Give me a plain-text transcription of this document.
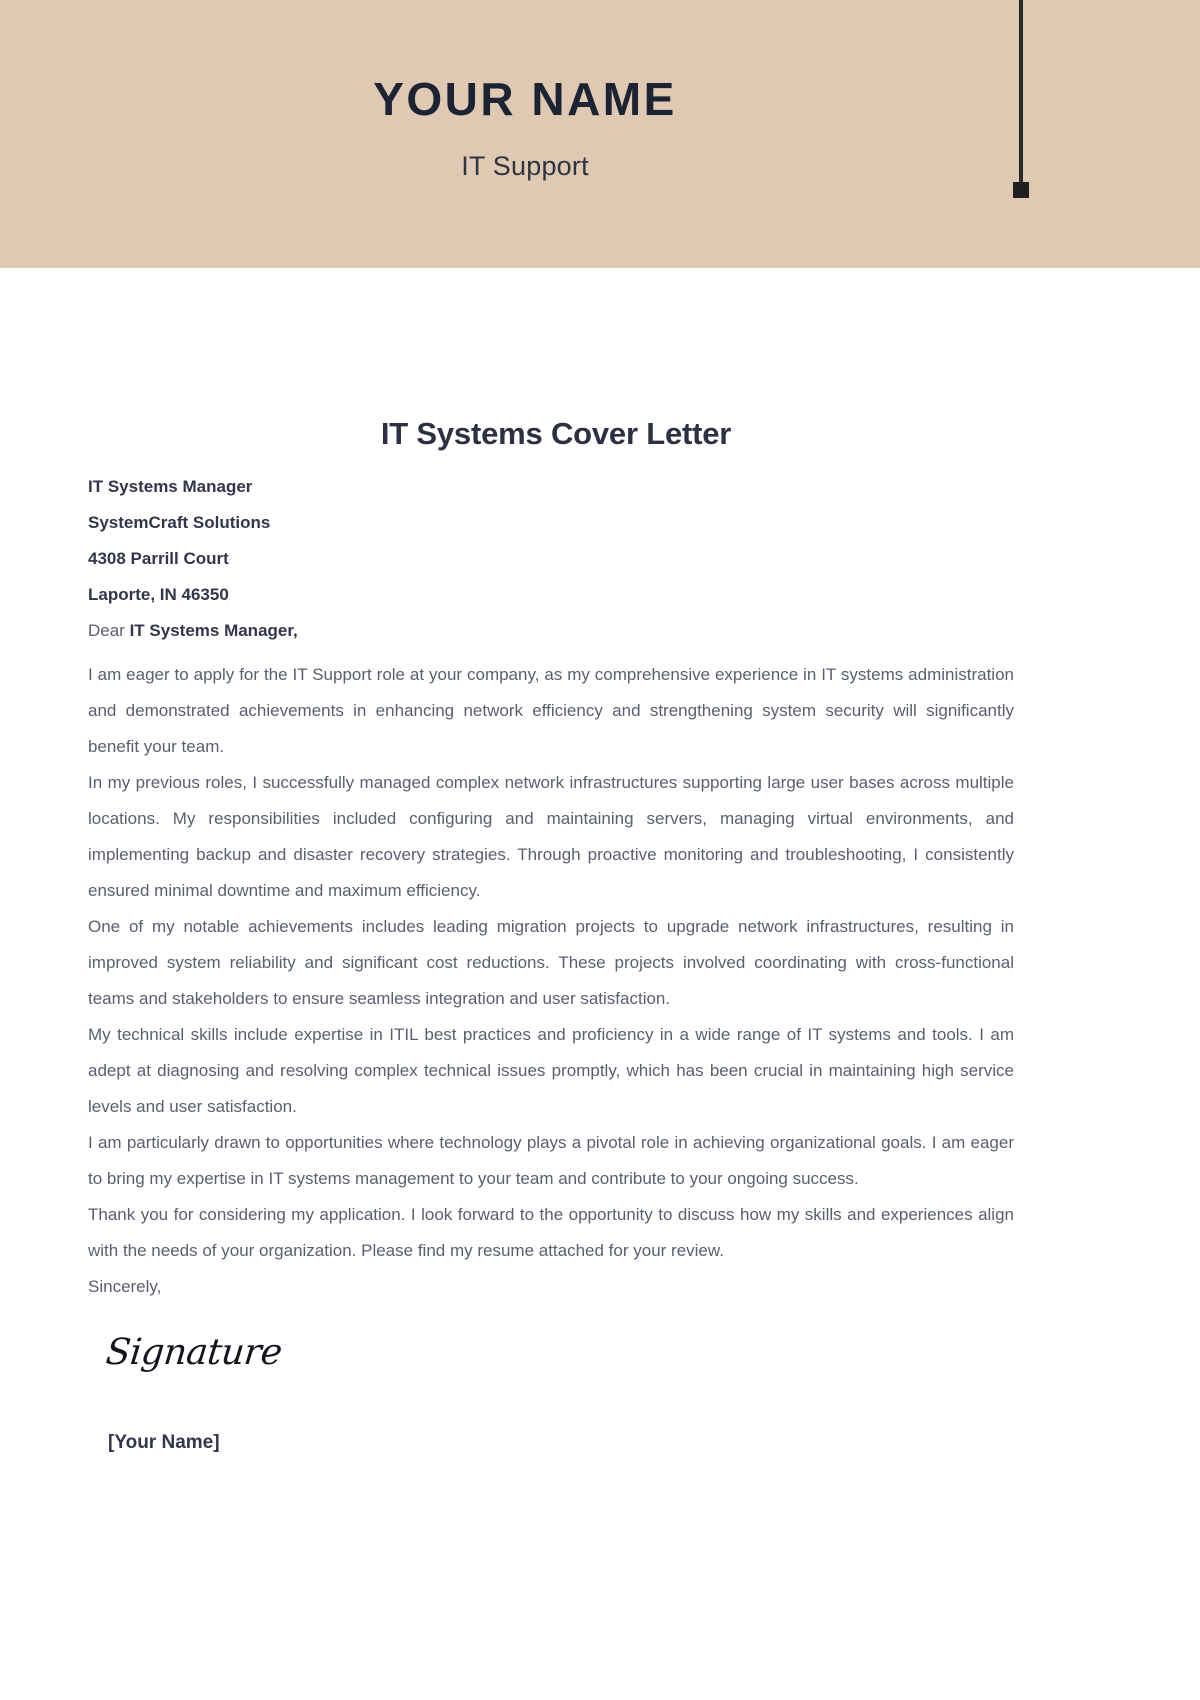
YOUR NAME
IT Support
IT Systems Cover Letter
IT Systems Manager
SystemCraft Solutions
4308 Parrill Court
Laporte, IN 46350
Dear IT Systems Manager,

I am eager to apply for the IT Support role at your company, as my comprehensive experience in IT systems administration and demonstrated achievements in enhancing network efficiency and strengthening system security will significantly benefit your team.

In my previous roles, I successfully managed complex network infrastructures supporting large user bases across multiple locations. My responsibilities included configuring and maintaining servers, managing virtual environments, and implementing backup and disaster recovery strategies. Through proactive monitoring and troubleshooting, I consistently ensured minimal downtime and maximum efficiency.

One of my notable achievements includes leading migration projects to upgrade network infrastructures, resulting in improved system reliability and significant cost reductions. These projects involved coordinating with cross-functional teams and stakeholders to ensure seamless integration and user satisfaction.

My technical skills include expertise in ITIL best practices and proficiency in a wide range of IT systems and tools. I am adept at diagnosing and resolving complex technical issues promptly, which has been crucial in maintaining high service levels and user satisfaction.

I am particularly drawn to opportunities where technology plays a pivotal role in achieving organizational goals. I am eager to bring my expertise in IT systems management to your team and contribute to your ongoing success.

Thank you for considering my application. I look forward to the opportunity to discuss how my skills and experiences align with the needs of your organization. Please find my resume attached for your review.

Sincerely,

Signature
[Your Name]
